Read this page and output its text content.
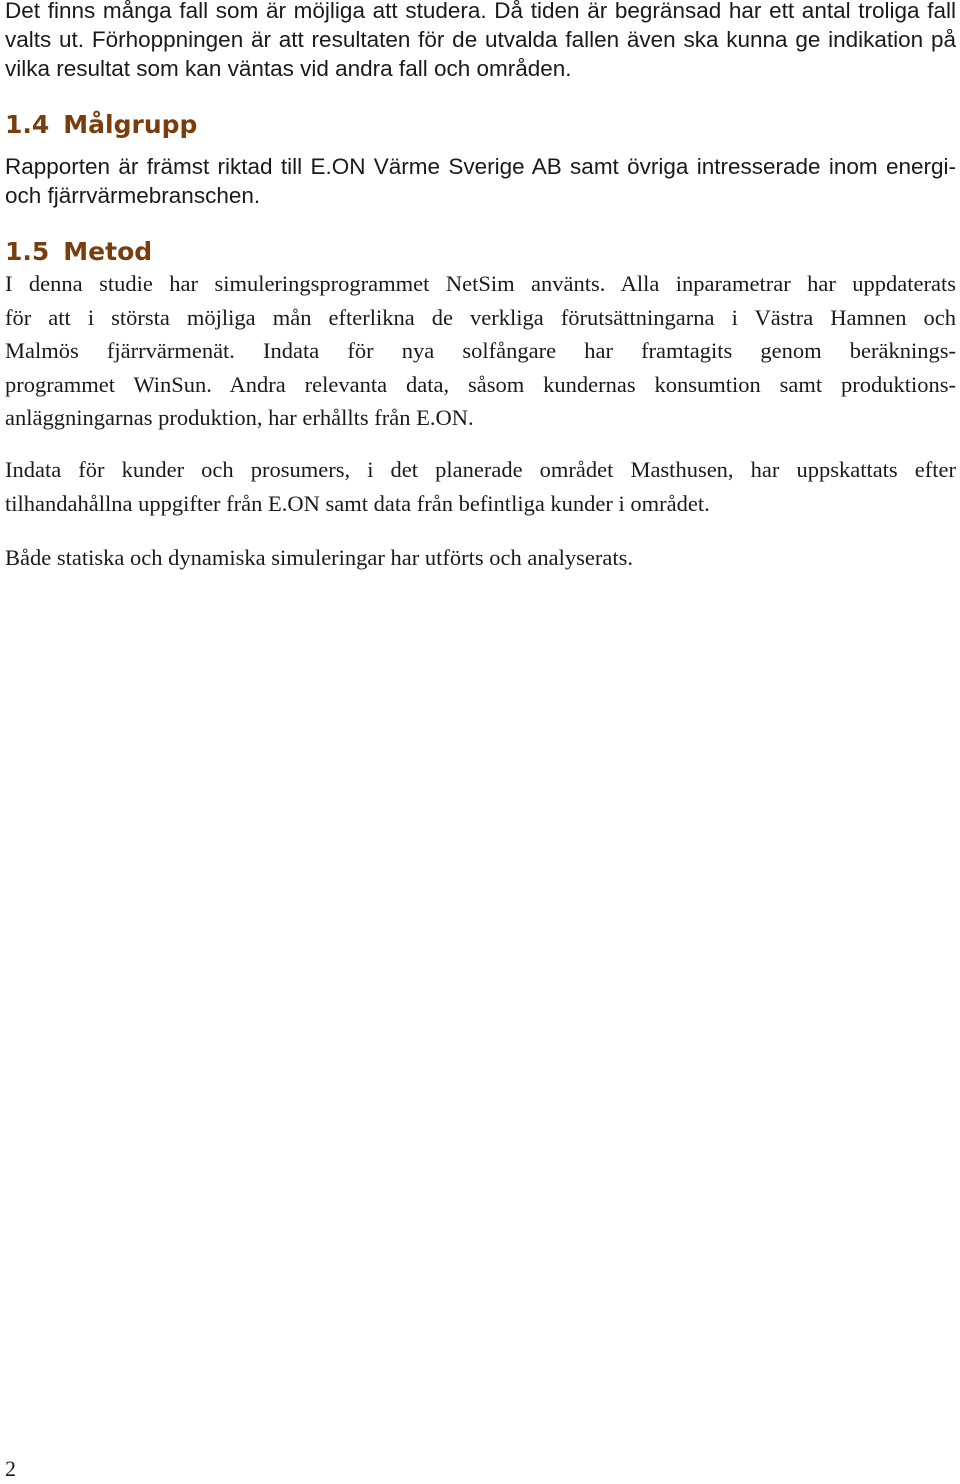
Det finns många fall som är möjliga att studera. Då tiden är begränsad har ett antal troliga fall
valts ut. Förhoppningen är att resultaten för de utvalda fallen även ska kunna ge indikation på
vilka resultat som kan väntas vid andra fall och områden.

1.4 Målgrupp

Rapporten är främst riktad till E.ON Värme Sverige AB samt övriga intresserade inom energi-
och fjärrvärmebranschen.

1.5 Metod

I denna studie har simuleringsprogrammet NetSim använts. Alla inparametrar har uppdaterats
för att i största möjliga mån efterlikna de verkliga förutsättningarna i Västra Hamnen och
Malmös fjärrvärmenät. Indata för nya solfångare har framtagits genom beräknings-
programmet WinSun. Andra relevanta data, såsom kundernas konsumtion samt produktions-
anläggningarnas produktion, har erhållts från E.ON.

Indata för kunder och prosumers, i det planerade området Masthusen, har uppskattats efter
tilhandahållna uppgifter från E.ON samt data från befintliga kunder i området.

Både statiska och dynamiska simuleringar har utförts och analyserats.

2
